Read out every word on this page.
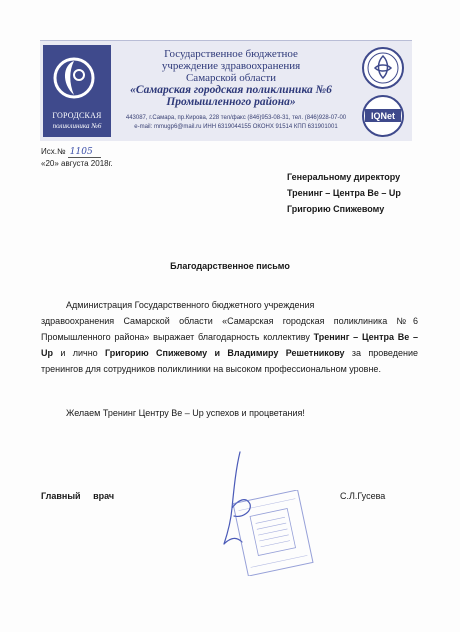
ГОРОДСКАЯ
поликлиника №6
Государственное бюджетное
учреждение здравоохранения
Самарской области
«Самарская городская поликлиника №6
Промышленного района»
443087, г.Самара, пр.Кирова, 228 тел/факс (846)953-08-31, тел. (846)928-07-00
e-mail: mmugp6@mail.ru ИНН 6319044155 ОКОНХ 91514 КПП 631901001
IQNet
Исх.№ 1105
«20» августа 2018г.
Генеральному директору
Тренинг – Центра Be – Up
Григорию Спижевому
Благодарственное письмо
Администрация Государственного бюджетного учреждения
здравоохранения Самарской области «Самарская городская поликлиника №6 Промышленного района» выражает благодарность коллективу Тренинг – Центра Be – Up и лично Григорию Спижевому и Владимиру Решетникову за проведение тренингов для сотрудников поликлиники на высоком профессиональном уровне.
Желаем Тренинг Центру Be – Up успехов и процветания!
Главный врач	С.Л.Гусева
